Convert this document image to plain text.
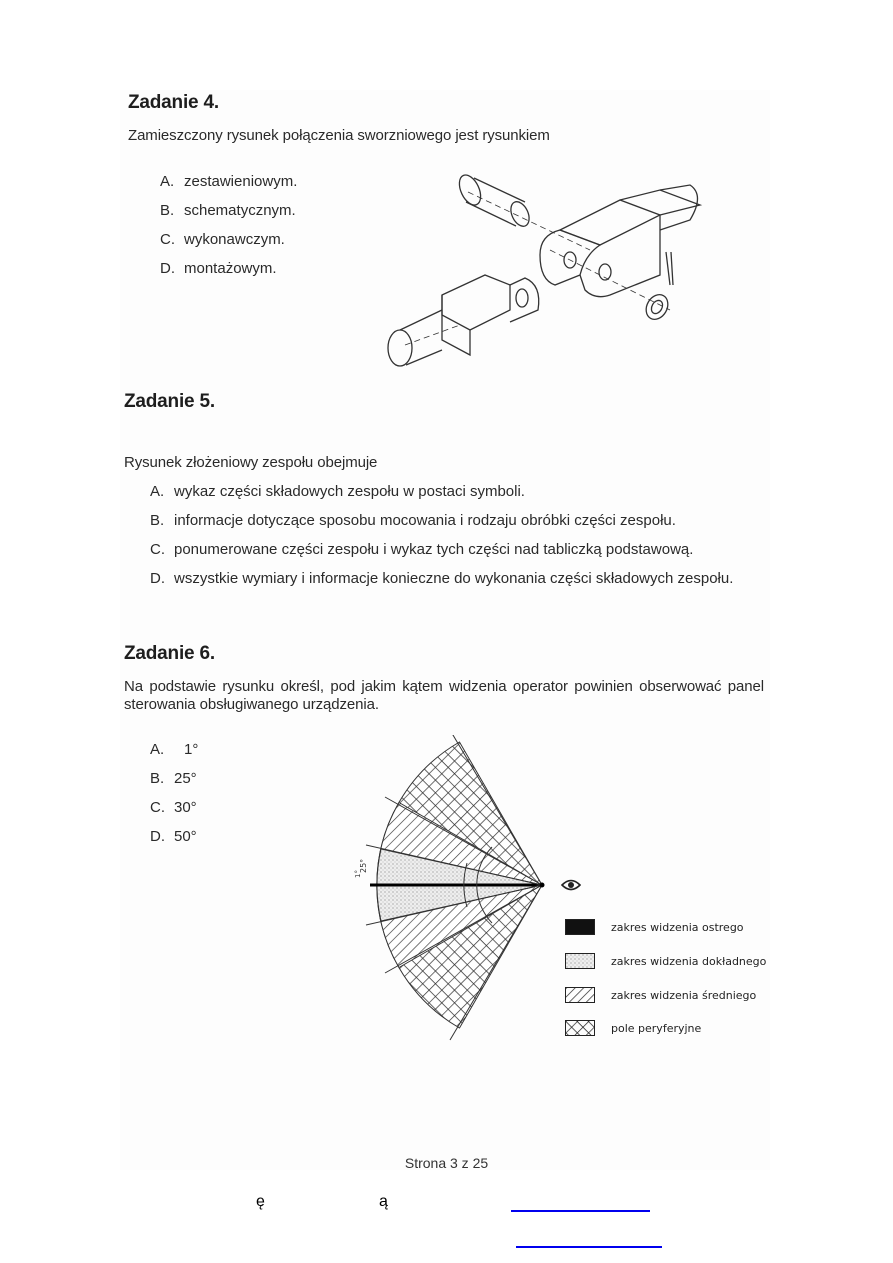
Zadanie 4.
Zamieszczony rysunek połączenia sworzniowego jest rysunkiem
A. zestawieniowym.
B. schematycznym.
C. wykonawczym.
D. montażowym.
Zadanie 5.
Rysunek złożeniowy zespołu obejmuje
A. wykaz części składowych zespołu w postaci symboli.
B. informacje dotyczące sposobu mocowania i rodzaju obróbki części zespołu.
C. ponumerowane części zespołu i wykaz tych części nad tabliczką podstawową.
D. wszystkie wymiary i informacje konieczne do wykonania części składowych zespołu.
Zadanie 6.
Na podstawie rysunku określ, pod jakim kątem widzenia operator powinien obserwować panel sterowania obsługiwanego urządzenia.
A. 1°
B. 25°
C. 30°
D. 50°
25°
1°
zakres widzenia ostrego
zakres widzenia dokładnego
zakres widzenia średniego
pole peryferyjne
Strona 3 z 25
ę	ą
